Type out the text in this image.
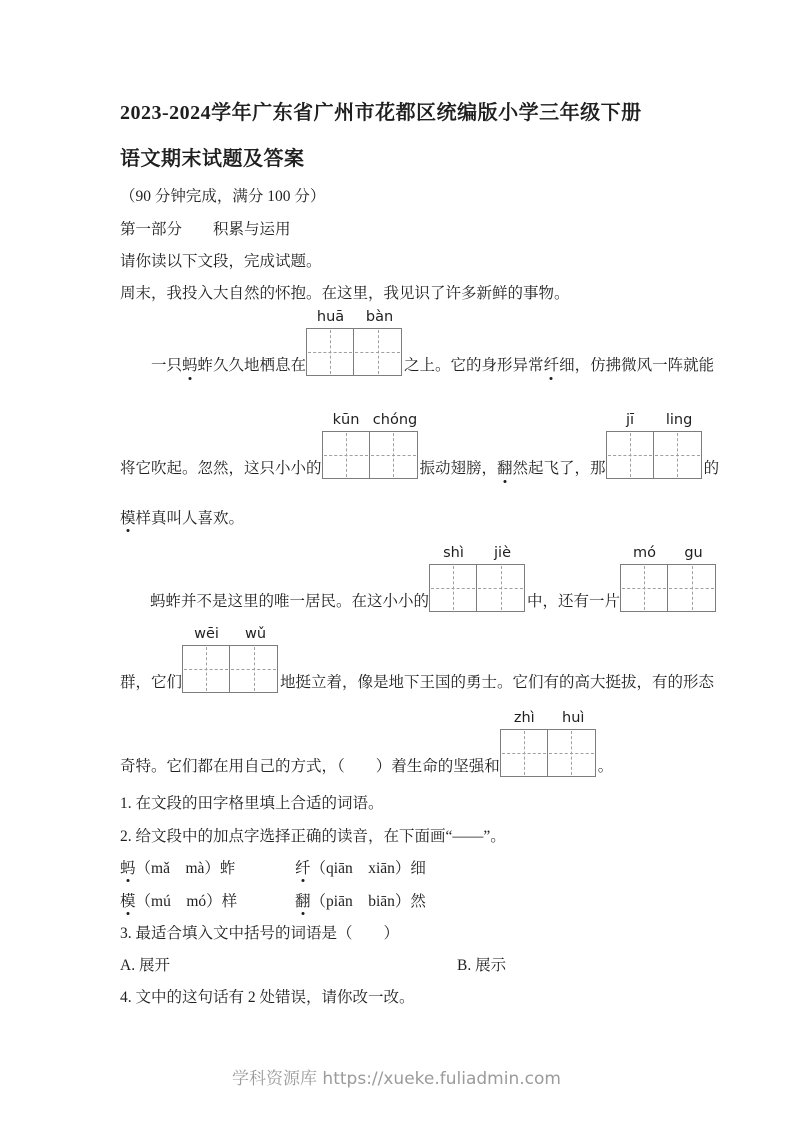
2023-2024学年广东省广州市花都区统编版小学三年级下册
语文期末试题及答案
（90 分钟完成，满分 100 分）
第一部分　　积累与运用
请你读以下文段，完成试题。
周末，我投入大自然的怀抱。在这里，我见识了许多新鲜的事物。
一只蚂蚱久久地栖息在
huā	bàn
之上。它的身形异常纤细，仿拂微风一阵就能
将它吹起。忽然，这只小小的
kūn chóng
振动翅膀，翻然起飞了，那
jī	ling
的
模样真叫人喜欢。
蚂蚱并不是这里的唯一居民。在这小小的
shì	jiè
中，还有一片
mó	gu
群，它们
wēi	wǔ
地挺立着，像是地下王国的勇士。它们有的高大挺拔，有的形态
奇特。它们都在用自己的方式，（　　）着生命的坚强和
zhì	huì
。
1. 在文段的田字格里填上合适的词语。
2. 给文段中的加点字选择正确的读音，在下面画“——”。
蚂（mǎ　mà）蚱	纤（qiān　xiān）细
模（mú　mó）样	翻（piān　biān）然
3. 最适合填入文中括号的词语是（　　）
A. 展开	B. 展示
4. 文中的这句话有 2 处错误，请你改一改。
学科资源库 https://xueke.fuliadmin.com
